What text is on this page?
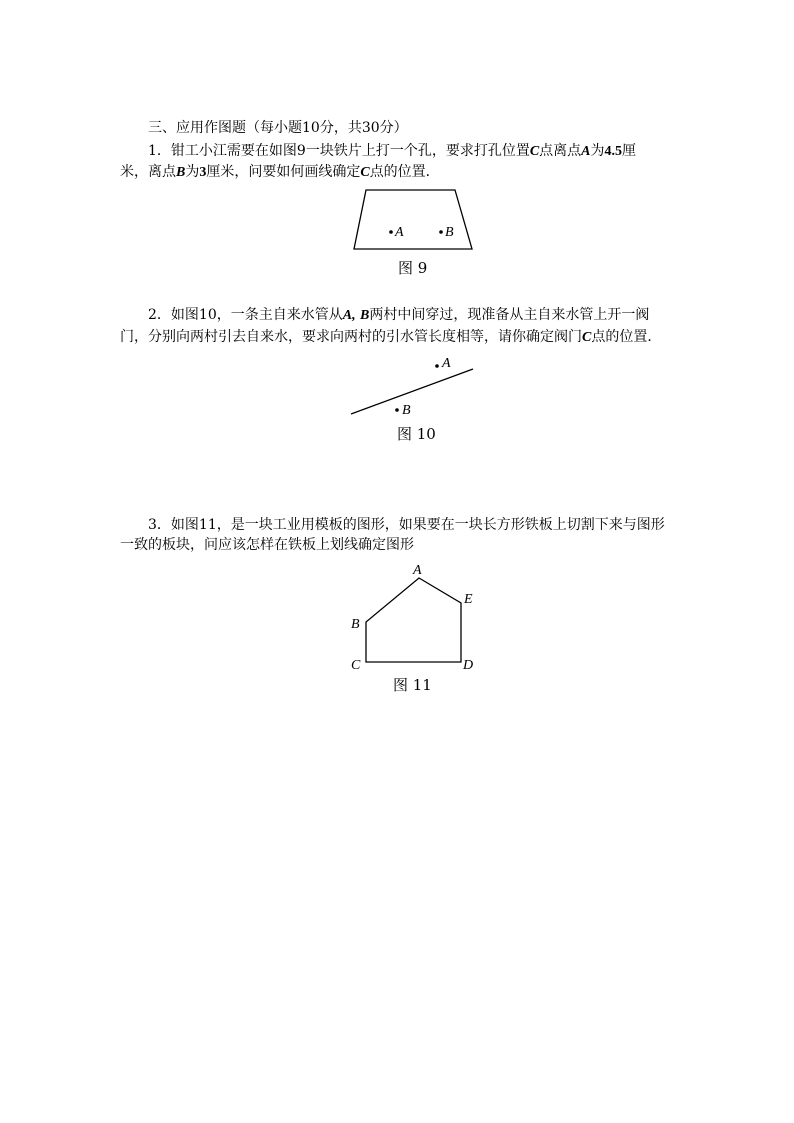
三、应用作图题（每小题10分，共30分）
1．钳工小江需要在如图9一块铁片上打一个孔，要求打孔位置C点离点A为4.5厘
米，离点B为3厘米，问要如何画线确定C点的位置．
2．如图10，一条主自来水管从A, B两村中间穿过，现准备从主自来水管上开一阀
门，分别向两村引去自来水，要求向两村的引水管长度相等，请你确定阀门C点的位置．
3．如图11，是一块工业用模板的图形，如果要在一块长方形铁板上切割下来与图形
一致的板块，问应该怎样在铁板上划线确定图形
A	B
A
B
A
E
B
C	D
图 9
图 10
图 11
